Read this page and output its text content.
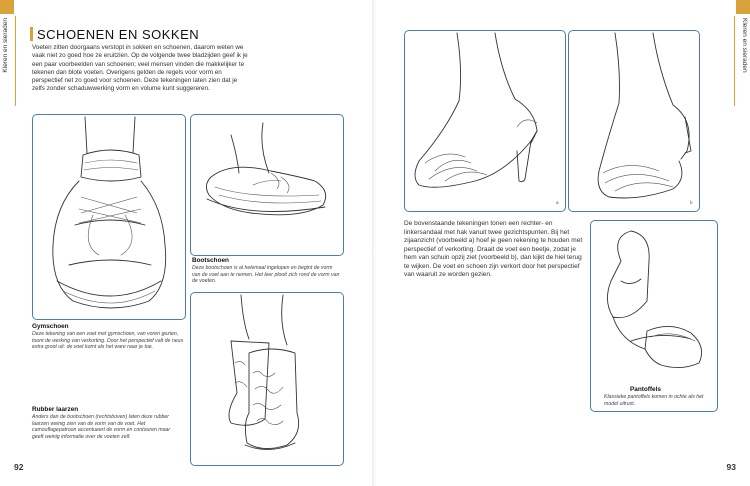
Kleren en sieraden SCHOENEN EN SOKKEN
Voeten zitten doorgaans verstopt in sokken en schoenen, daarom weten we vaak niet zo goed hoe ze eruitzien. Op de volgende twee bladzijden geef ik je een paar voorbeelden van schoenen; veel mensen vinden die makkelijker te tekenen dan blote voeten. Overigens gelden de regels voor vorm en perspectief net zo goed voor schoenen. Deze tekeningen laten zien dat je zelfs zonder schaduwwerking vorm en volume kunt suggereren.
Gymschoen
Deze tekening van een voet met gymschoen, van voren gezien, toont de werking van verkorting. Door het perspectief valt de neus extra groot uit: de voet komt als het ware naar je toe.
Bootschoen
Deze bootschoen is al helemaal ingelopen en begint de vorm van de voet aan te nemen. Het leer plooit zich rond de vorm van de voeten.
Rubber laarzen
Anders dan de bootschoen (rechtsboven) laten deze rubber laarzen weinig zien van de vorm van de voet. Het camouflagepatroon accentueert de vorm en contouren maar geeft weinig informatie over de voeten zelf.
92
Kleren en sieraden
a	b
De bovenstaande tekeningen tonen een rechter- en linkersandaal met hak vanuit twee gezichtspunten. Bij het zijaanzicht (voorbeeld a) hoef je geen rekening te houden met perspectief of verkorting. Draait de voet een beetje, zodat je hem van schuin opzij ziet (voorbeeld b), dan kijkt de hiel terug te wijken. De voet en schoen zijn verkort door het perspectief van waaruit ze worden gezien.
Pantoffels
Klassieke pantoffels komen in ochte als het model uitrust.
93
